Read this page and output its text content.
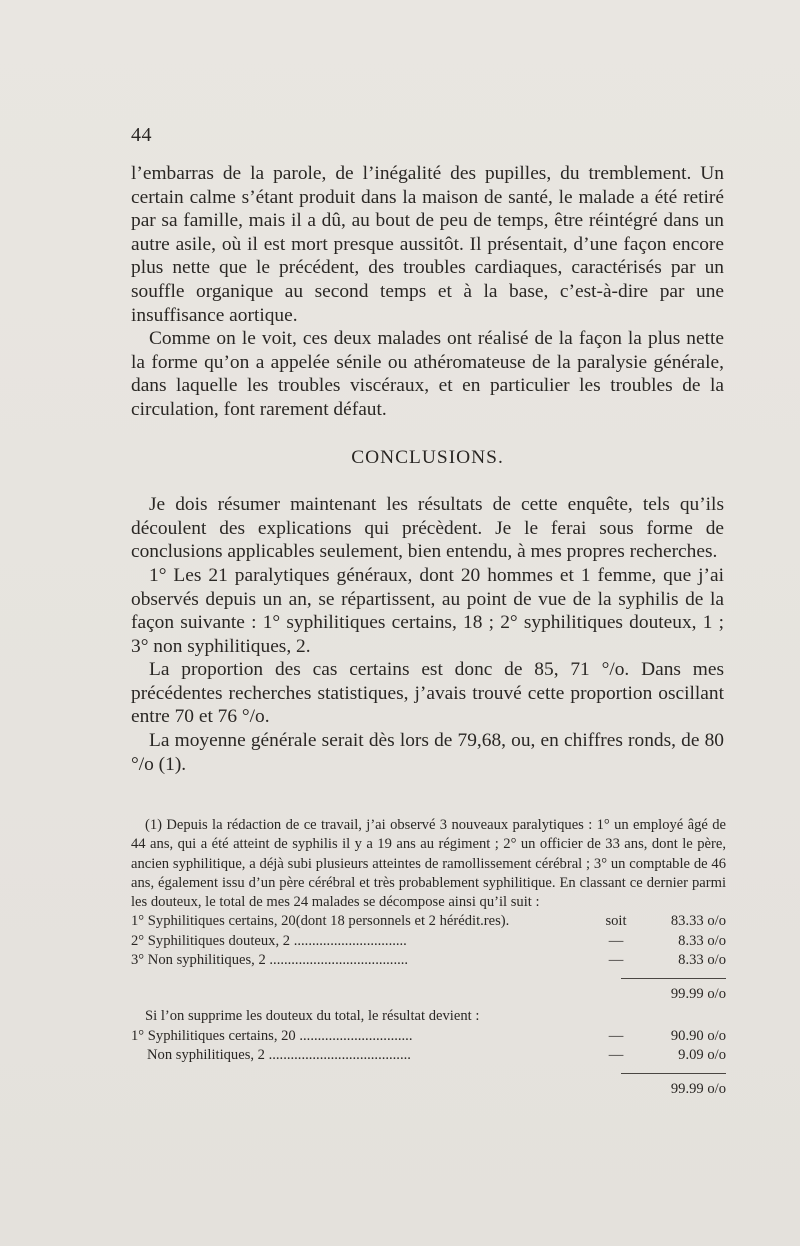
44

l’embarras de la parole, de l’inégalité des pupilles, du tremblement. Un certain calme s’étant produit dans la maison de santé, le malade a été retiré par sa famille, mais il a dû, au bout de peu de temps, être réintégré dans un autre asile, où il est mort presque aussitôt. Il présentait, d’une façon encore plus nette que le précédent, des troubles cardiaques, caractérisés par un souffle organique au second temps et à la base, c’est-à-dire par une insuffisance aortique.

Comme on le voit, ces deux malades ont réalisé de la façon la plus nette la forme qu’on a appelée sénile ou athéromateuse de la paralysie générale, dans laquelle les troubles viscéraux, et en particulier les troubles de la circulation, font rarement défaut.

CONCLUSIONS.

Je dois résumer maintenant les résultats de cette enquête, tels qu’ils découlent des explications qui précèdent. Je le ferai sous forme de conclusions applicables seulement, bien entendu, à mes propres recherches.

1° Les 21 paralytiques généraux, dont 20 hommes et 1 femme, que j’ai observés depuis un an, se répartissent, au point de vue de la syphilis de la façon suivante : 1° syphilitiques certains, 18 ; 2° syphilitiques douteux, 1 ; 3° non syphilitiques, 2.

La proportion des cas certains est donc de 85, 71 °/o. Dans mes précédentes recherches statistiques, j’avais trouvé cette proportion oscillant entre 70 et 76 °/o.

La moyenne générale serait dès lors de 79,68, ou, en chiffres ronds, de 80 °/o (1).

(1) Depuis la rédaction de ce travail, j’ai observé 3 nouveaux paralytiques : 1° un employé âgé de 44 ans, qui a été atteint de syphilis il y a 19 ans au régiment ; 2° un officier de 33 ans, dont le père, ancien syphilitique, a déjà subi plusieurs atteintes de ramollissement cérébral ; 3° un comptable de 46 ans, également issu d’un père cérébral et très probablement syphilitique. En classant ce dernier parmi les douteux, le total de mes 24 malades se décompose ainsi qu’il suit :

1° Syphilitiques certains, 20(dont 18 personnels et 2 hérédit.res).	soit	83.33 o/o
2° Syphilitiques douteux, 2 ...............................	—	8.33 o/o
3° Non syphilitiques, 2 ......................................	—	8.33 o/o
99.99 o/o

Si l’on supprime les douteux du total, le résultat devient :

1° Syphilitiques certains, 20 ...............................	—	90.90 o/o
Non syphilitiques, 2 .......................................	—	9.09 o/o
99.99 o/o
